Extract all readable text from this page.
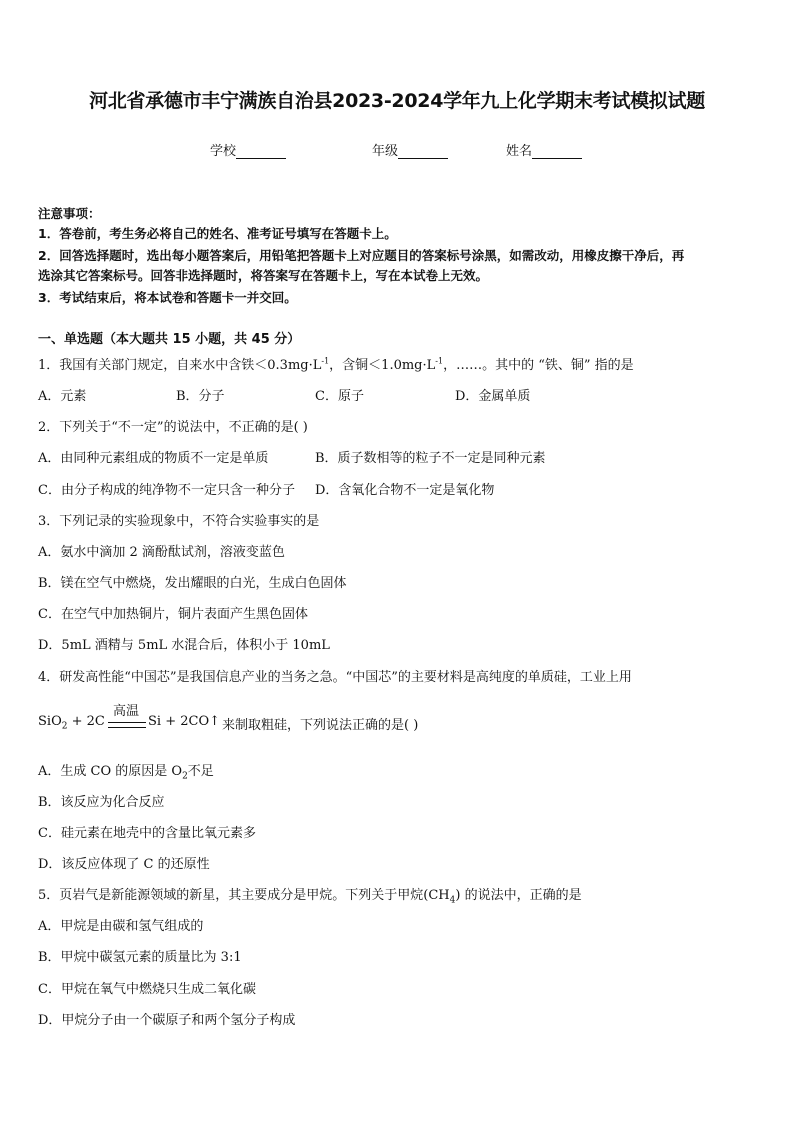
河北省承德市丰宁满族自治县2023-2024学年九上化学期末考试模拟试题
学校	年级	姓名
注意事项：
1．答卷前，考生务必将自己的姓名、准考证号填写在答题卡上。
2．回答选择题时，选出每小题答案后，用铅笔把答题卡上对应题目的答案标号涂黑，如需改动，用橡皮擦干净后，再
选涂其它答案标号。回答非选择题时，将答案写在答题卡上，写在本试卷上无效。
3．考试结束后，将本试卷和答题卡一并交回。
一、单选题（本大题共 15 小题，共 45 分）
1．我国有关部门规定，自来水中含铁$<0.3mg\cdot L^{-1}$，含铜$<1.0mg\cdot L^{-1}$，……。其中的 “铁、铜” 指的是
A．元素	B．分子	C．原子	D．金属单质
2．下列关于“不一定”的说法中，不正确的是( )
A．由同种元素组成的物质不一定是单质	B．质子数相等的粒子不一定是同种元素
C．由分子构成的纯净物不一定只含一种分子 D．含氧化合物不一定是氧化物
3．下列记录的实验现象中，不符合实验事实的是
A．氨水中滴加 2 滴酚酞试剂，溶液变蓝色
B．镁在空气中燃烧，发出耀眼的白光，生成白色固体
C．在空气中加热铜片，铜片表面产生黑色固体
D．5mL 酒精与 5mL 水混合后，体积小于 10mL
4．研发高性能“中国芯”是我国信息产业的当务之急。“中国芯”的主要材料是高纯度的单质硅，工业上用
SiO$_2$ + 2C
高温
Si + 2CO↑ 来制取粗硅，下列说法正确的是( )
A．生成 CO 的原因是 $O_2$不足
B．该反应为化合反应
C．硅元素在地壳中的含量比氧元素多
D．该反应体现了 C 的还原性
5．页岩气是新能源领域的新星，其主要成分是甲烷。下列关于甲烷$(CH_4)$ 的说法中，正确的是
A．甲烷是由碳和氢气组成的
B．甲烷中碳氢元素的质量比为 3:1
C．甲烷在氧气中燃烧只生成二氧化碳
D．甲烷分子由一个碳原子和两个氢分子构成
